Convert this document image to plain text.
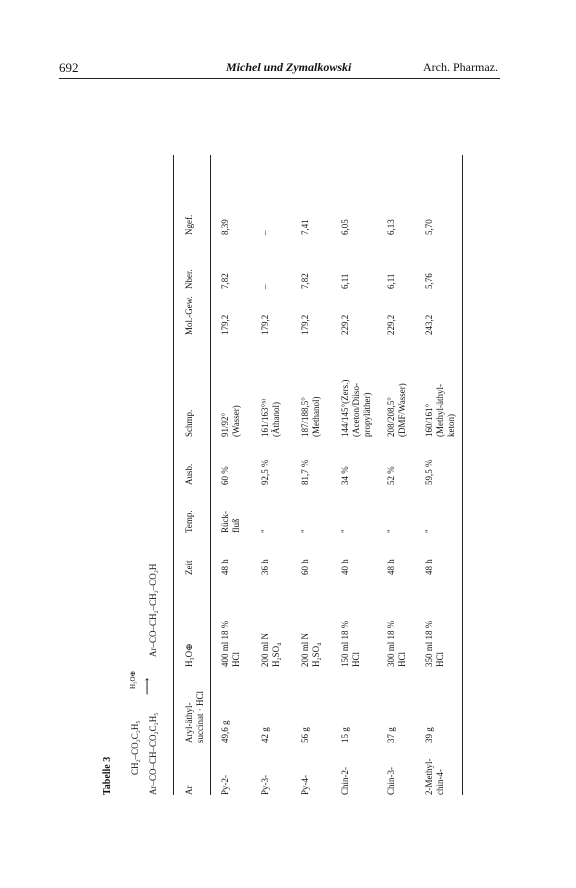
692	Michel und Zymalkowski	Arch. Pharmaz.
Tabelle 3
CH₂–CO₂C₂H₅ Ar–CO–CH–CO₂C₂H₅
H₃O⊕ ⟶
Ar–CO–CH₂–CH₂–CO₂H
Ar
Aryl-äthyl- succinat · HCl
H₃O⊕
Zeit
Temp.
Ausb.
Schmp.
Mol.-Gew.
Nber.
Ngef.
Py-2-
49,6 g
400 ml 18 % HCl
48 h
Rück- fluß
60 %
91/92° (Wasser)
179,2
7,82
8,39
Py-3-
42 g
200 ml N H₂SO₄
36 h
"
92,5 %
161/163°⁵⁾ (Äthanol)
179,2
–
–
Py-4-
56 g
200 ml N H₂SO₄
60 h
"
81,7 %
187/188,5° (Methanol)
179,2
7,82
7,41
Chin-2-
15 g
150 ml 18 % HCl
40 h
"
34 %
144/145°(Zers.) (Aceton/Diiso- propyläther)
229,2
6,11
6,05
Chin-3-
37 g
300 ml 18 % HCl
48 h
"
52 %
208/208,5° (DMF/Wasser)
229,2
6,11
6,13
2-Methyl- chin-4-
39 g
350 ml 18 % HCl
48 h
"
59,5 %
160/161° (Methyl-äthyl- keton)
243,2
5,76
5,70
